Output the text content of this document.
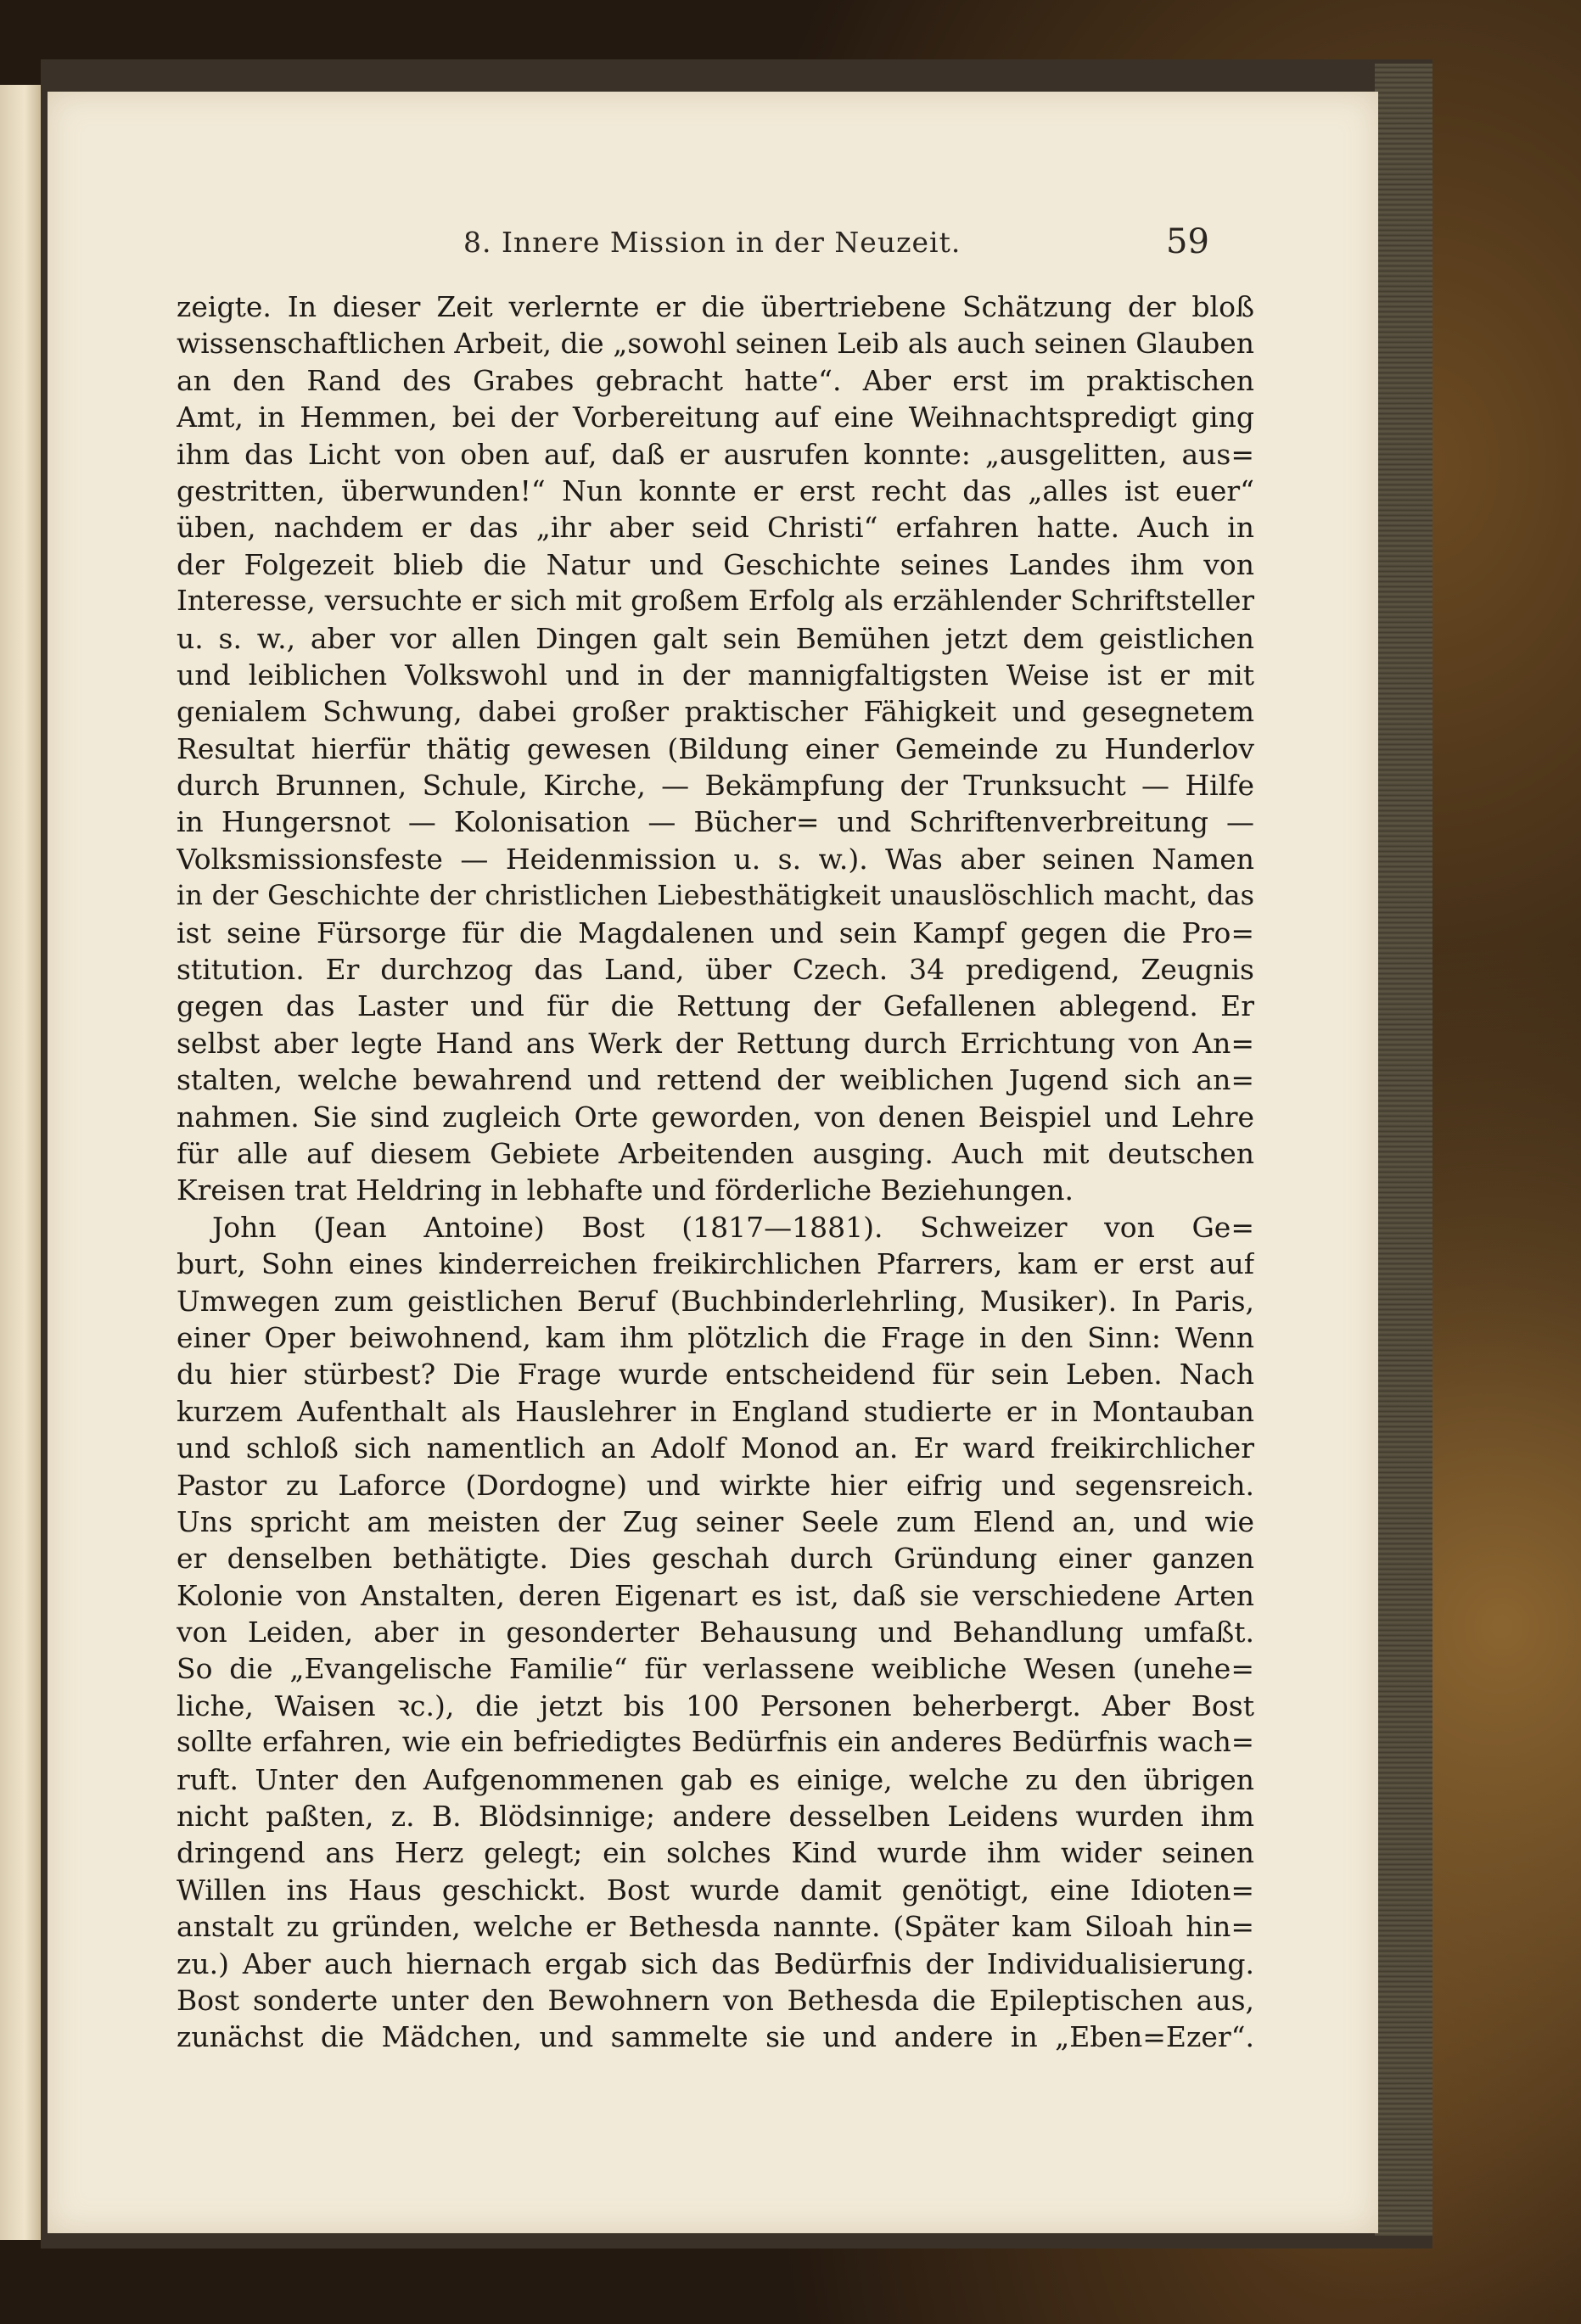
8. Innere Mission in der Neuzeit.	59
zeigte. In dieser Zeit verlernte er die übertriebene Schätzung der bloß
wissenschaftlichen Arbeit, die „sowohl seinen Leib als auch seinen Glauben
an den Rand des Grabes gebracht hatte“. Aber erst im praktischen
Amt, in Hemmen, bei der Vorbereitung auf eine Weihnachtspredigt ging
ihm das Licht von oben auf, daß er ausrufen konnte: „ausgelitten, aus=
gestritten, überwunden!“ Nun konnte er erst recht das „alles ist euer“
üben, nachdem er das „ihr aber seid Christi“ erfahren hatte. Auch in
der Folgezeit blieb die Natur und Geschichte seines Landes ihm von
Interesse, versuchte er sich mit großem Erfolg als erzählender Schriftsteller
u. s. w., aber vor allen Dingen galt sein Bemühen jetzt dem geistlichen
und leiblichen Volkswohl und in der mannigfaltigsten Weise ist er mit
genialem Schwung, dabei großer praktischer Fähigkeit und gesegnetem
Resultat hierfür thätig gewesen (Bildung einer Gemeinde zu Hunderlov
durch Brunnen, Schule, Kirche, — Bekämpfung der Trunksucht — Hilfe
in Hungersnot — Kolonisation — Bücher= und Schriftenverbreitung —
Volksmissionsfeste — Heidenmission u. s. w.). Was aber seinen Namen
in der Geschichte der christlichen Liebesthätigkeit unauslöschlich macht, das
ist seine Fürsorge für die Magdalenen und sein Kampf gegen die Pro=
stitution. Er durchzog das Land, über Czech. 34 predigend, Zeugnis
gegen das Laster und für die Rettung der Gefallenen ablegend. Er
selbst aber legte Hand ans Werk der Rettung durch Errichtung von An=
stalten, welche bewahrend und rettend der weiblichen Jugend sich an=
nahmen. Sie sind zugleich Orte geworden, von denen Beispiel und Lehre
für alle auf diesem Gebiete Arbeitenden ausging. Auch mit deutschen
Kreisen trat Heldring in lebhafte und förderliche Beziehungen.
John (Jean Antoine) Bost (1817—1881). Schweizer von Ge=
burt, Sohn eines kinderreichen freikirchlichen Pfarrers, kam er erst auf
Umwegen zum geistlichen Beruf (Buchbinderlehrling, Musiker). In Paris,
einer Oper beiwohnend, kam ihm plötzlich die Frage in den Sinn: Wenn
du hier stürbest? Die Frage wurde entscheidend für sein Leben. Nach
kurzem Aufenthalt als Hauslehrer in England studierte er in Montauban
und schloß sich namentlich an Adolf Monod an. Er ward freikirchlicher
Pastor zu Laforce (Dordogne) und wirkte hier eifrig und segensreich.
Uns spricht am meisten der Zug seiner Seele zum Elend an, und wie
er denselben bethätigte. Dies geschah durch Gründung einer ganzen
Kolonie von Anstalten, deren Eigenart es ist, daß sie verschiedene Arten
von Leiden, aber in gesonderter Behausung und Behandlung umfaßt.
So die „Evangelische Familie“ für verlassene weibliche Wesen (unehe=
liche, Waisen ꝛc.), die jetzt bis 100 Personen beherbergt. Aber Bost
sollte erfahren, wie ein befriedigtes Bedürfnis ein anderes Bedürfnis wach=
ruft. Unter den Aufgenommenen gab es einige, welche zu den übrigen
nicht paßten, z. B. Blödsinnige; andere desselben Leidens wurden ihm
dringend ans Herz gelegt; ein solches Kind wurde ihm wider seinen
Willen ins Haus geschickt. Bost wurde damit genötigt, eine Idioten=
anstalt zu gründen, welche er Bethesda nannte. (Später kam Siloah hin=
zu.) Aber auch hiernach ergab sich das Bedürfnis der Individualisierung.
Bost sonderte unter den Bewohnern von Bethesda die Epileptischen aus,
zunächst die Mädchen, und sammelte sie und andere in „Eben=Ezer“.
